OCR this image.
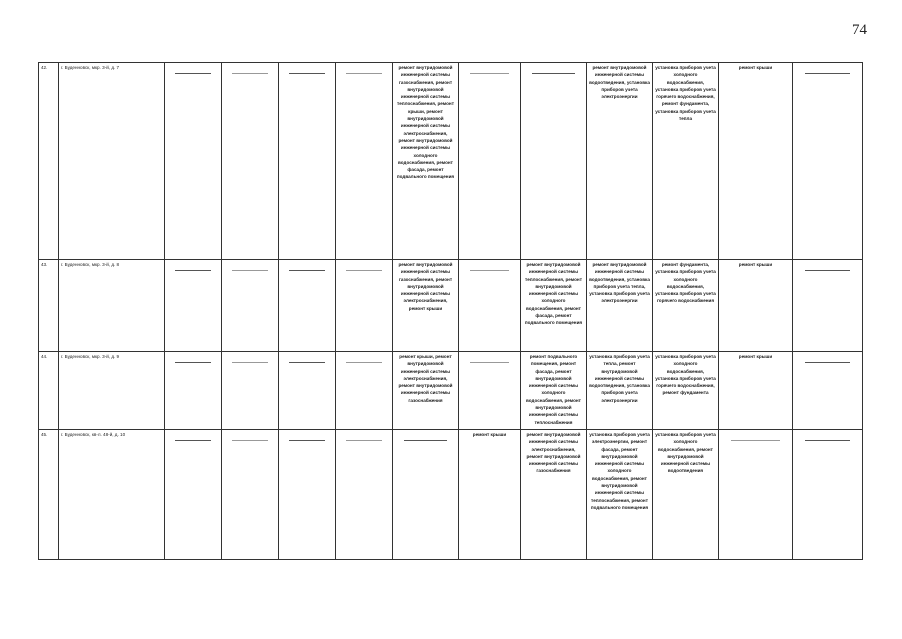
74
42.	г. Буденновск, мкр. 3-й, д. 7					ремонт внутридомовой инженерной системы газоснабжения, ремонт внутридомовой инженерной системы теплоснабжения, ремонт крыши, ремонт внутридомовой инженерной системы электроснабжения, ремонт внутридомовой инженерной системы холодного водоснабжения, ремонт фасада, ремонт подвального помещения			ремонт внутридомовой инженерной системы водоотведения, установка приборов учета электроэнергии	установка приборов учета холодного водоснабжения, установка приборов учета горячего водоснабжения, ремонт фундамента, установка приборов учета тепла	ремонт крыши	

43.	г. Буденновск, мкр. 3-й, д. 8					ремонт внутридомовой инженерной системы газоснабжения, ремонт внутридомовой инженерной системы электроснабжения, ремонт крыши		ремонт внутридомовой инженерной системы теплоснабжения, ремонт внутридомовой инженерной системы холодного водоснабжения, ремонт фасада, ремонт подвального помещения	ремонт внутридомовой инженерной системы водоотведения, установка приборов учета тепла, установка приборов учета электроэнергии	ремонт фундамента, установка приборов учета холодного водоснабжения, установка приборов учета горячего водоснабжения	ремонт крыши	

44.	г. Буденновск, мкр. 3-й, д. 9					ремонт крыши, ремонт внутридомовой инженерной системы электроснабжения, ремонт внутридомовой инженерной системы газоснабжения		ремонт подвального помещения, ремонт фасада, ремонт внутридомовой инженерной системы холодного водоснабжения, ремонт внутридомовой инженерной системы теплоснабжения	установка приборов учета тепла, ремонт внутридомовой инженерной системы водоотведения, установка приборов учета электроэнергии	установка приборов учета холодного водоснабжения, установка приборов учета горячего водоснабжения, ремонт фундамента	ремонт крыши	

45.	г. Буденновск, кв-л. 48-й, д. 10						ремонт крыши	ремонт внутридомовой инженерной системы электроснабжения, ремонт внутридомовой инженерной системы газоснабжения	установка приборов учета электроэнергии, ремонт фасада, ремонт внутридомовой инженерной системы холодного водоснабжения, ремонт внутридомовой инженерной системы теплоснабжения, ремонт подвального помещения	установка приборов учета холодного водоснабжения, ремонт внутридомовой инженерной системы водоотведения	
